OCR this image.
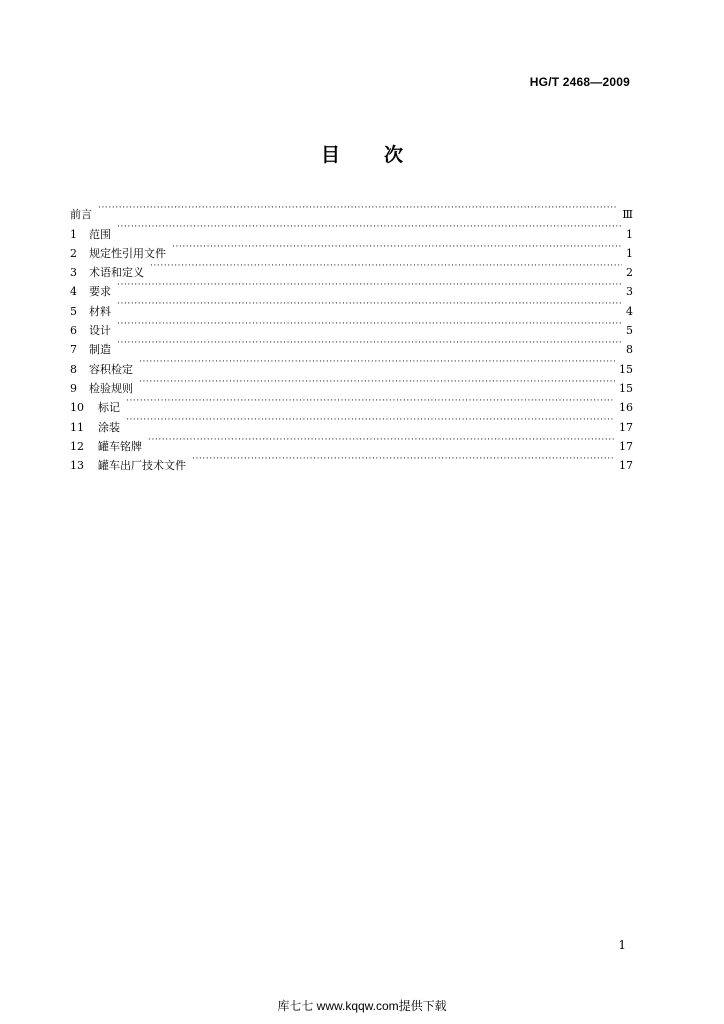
HG/T 2468—2009
目 次
前言 ·····	Ⅲ
1	范围 ·····	1
2	规定性引用文件 ·····	1
3	术语和定义 ·····	2
4	要求 ·····	3
5	材料 ·····	4
6	设计 ·····	5
7	制造 ·····	8
8	容积检定 ·····	15
9	检验规则 ·····	15
10	标记 ·····	16
11	涂装 ·····	17
12	罐车铭牌 ·····	17
13	罐车出厂技术文件 ·····	17
1
库七七 www.kqqw.com提供下载
